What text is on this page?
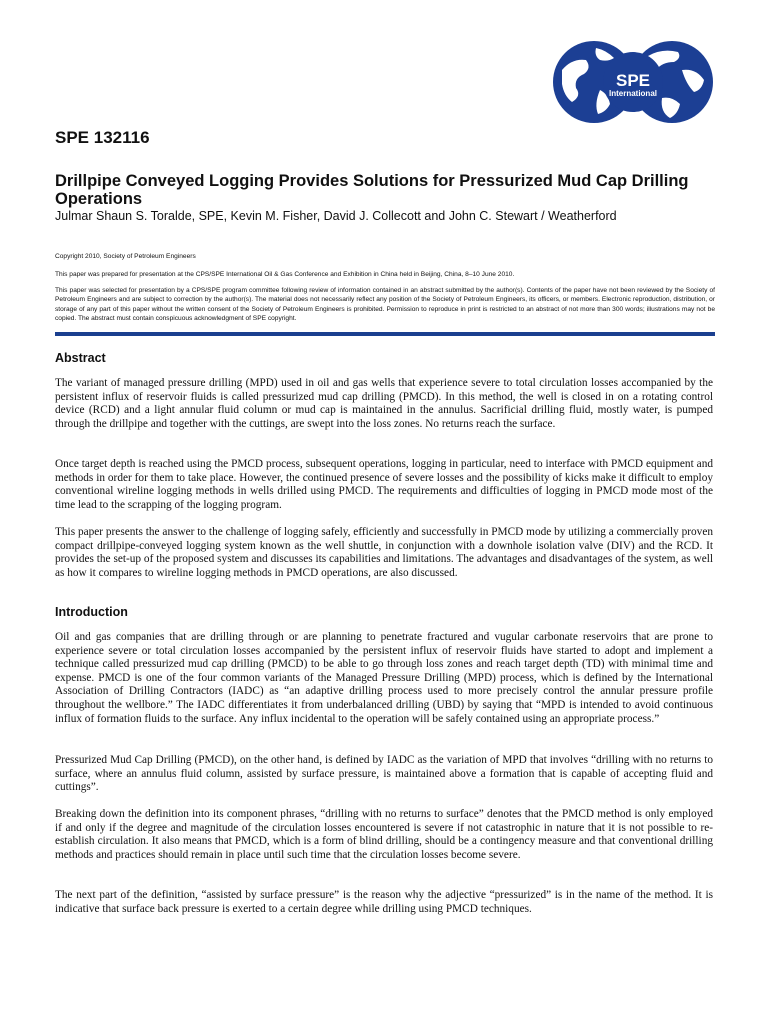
SPE
International
SPE 132116
Drillpipe Conveyed Logging Provides Solutions for Pressurized Mud Cap Drilling Operations
Julmar Shaun S. Toralde, SPE, Kevin M. Fisher, David J. Collecott and John C. Stewart / Weatherford

Copyright 2010, Society of Petroleum Engineers

This paper was prepared for presentation at the CPS/SPE International Oil & Gas Conference and Exhibition in China held in Beijing, China, 8–10 June 2010.

This paper was selected for presentation by a CPS/SPE program committee following review of information contained in an abstract submitted by the author(s). Contents of the paper have not been reviewed by the Society of Petroleum Engineers and are subject to correction by the author(s). The material does not necessarily reflect any position of the Society of Petroleum Engineers, its officers, or members. Electronic reproduction, distribution, or storage of any part of this paper without the written consent of the Society of Petroleum Engineers is prohibited. Permission to reproduce in print is restricted to an abstract of not more than 300 words; illustrations may not be copied. The abstract must contain conspicuous acknowledgment of SPE copyright.

Abstract

The variant of managed pressure drilling (MPD) used in oil and gas wells that experience severe to total circulation losses accompanied by the persistent influx of reservoir fluids is called pressurized mud cap drilling (PMCD). In this method, the well is closed in on a rotating control device (RCD) and a light annular fluid column or mud cap is maintained in the annulus. Sacrificial drilling fluid, mostly water, is pumped through the drillpipe and together with the cuttings, are swept into the loss zones. No returns reach the surface.

Once target depth is reached using the PMCD process, subsequent operations, logging in particular, need to interface with PMCD equipment and methods in order for them to take place. However, the continued presence of severe losses and the possibility of kicks make it difficult to employ conventional wireline logging methods in wells drilled using PMCD. The requirements and difficulties of logging in PMCD mode most of the time lead to the scrapping of the logging program.

This paper presents the answer to the challenge of logging safely, efficiently and successfully in PMCD mode by utilizing a commercially proven compact drillpipe-conveyed logging system known as the well shuttle, in conjunction with a downhole isolation valve (DIV) and the RCD. It provides the set-up of the proposed system and discusses its capabilities and limitations. The advantages and disadvantages of the system, as well as how it compares to wireline logging methods in PMCD operations, are also discussed.

Introduction

Oil and gas companies that are drilling through or are planning to penetrate fractured and vugular carbonate reservoirs that are prone to experience severe or total circulation losses accompanied by the persistent influx of reservoir fluids have started to adopt and implement a technique called pressurized mud cap drilling (PMCD) to be able to go through loss zones and reach target depth (TD) with minimal time and expense. PMCD is one of the four common variants of the Managed Pressure Drilling (MPD) process, which is defined by the International Association of Drilling Contractors (IADC) as “an adaptive drilling process used to more precisely control the annular pressure profile throughout the wellbore.” The IADC differentiates it from underbalanced drilling (UBD) by saying that “MPD is intended to avoid continuous influx of formation fluids to the surface. Any influx incidental to the operation will be safely contained using an appropriate process.”

Pressurized Mud Cap Drilling (PMCD), on the other hand, is defined by IADC as the variation of MPD that involves “drilling with no returns to surface, where an annulus fluid column, assisted by surface pressure, is maintained above a formation that is capable of accepting fluid and cuttings”.

Breaking down the definition into its component phrases, “drilling with no returns to surface” denotes that the PMCD method is only employed if and only if the degree and magnitude of the circulation losses encountered is severe if not catastrophic in nature that it is not possible to re-establish circulation. It also means that PMCD, which is a form of blind drilling, should be a contingency measure and that conventional drilling methods and practices should remain in place until such time that the circulation losses become severe.

The next part of the definition, “assisted by surface pressure” is the reason why the adjective “pressurized” is in the name of the method. It is indicative that surface back pressure is exerted to a certain degree while drilling using PMCD techniques.
